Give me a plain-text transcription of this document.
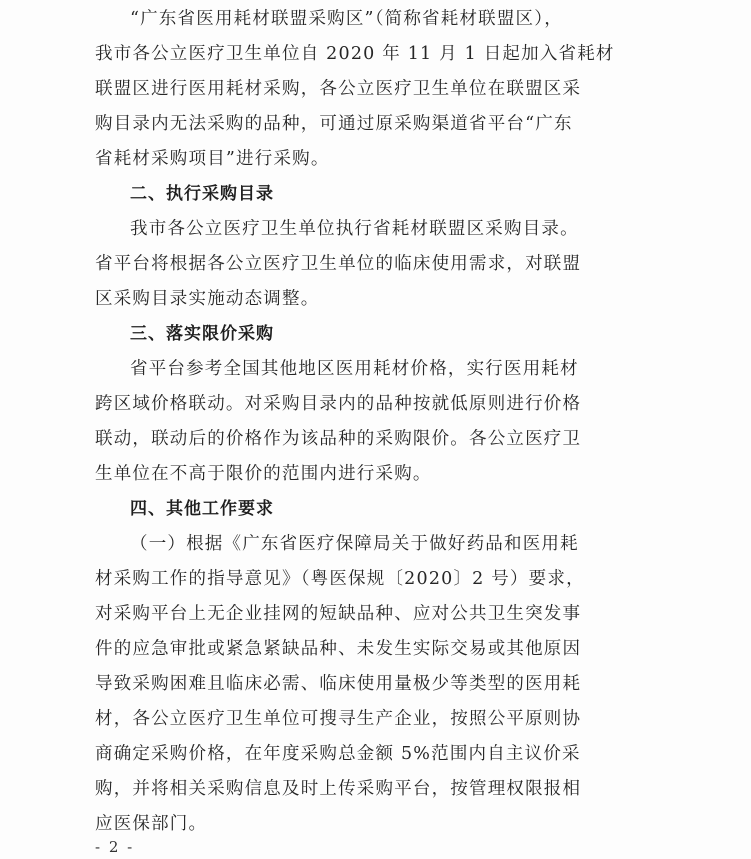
“广东省医用耗材联盟采购区”（简称省耗材联盟区），
我市各公立医疗卫生单位自 2020 年 11 月 1 日起加入省耗材
联盟区进行医用耗材采购，各公立医疗卫生单位在联盟区采
购目录内无法采购的品种，可通过原采购渠道省平台“广东
省耗材采购项目”进行采购。
二、执行采购目录
我市各公立医疗卫生单位执行省耗材联盟区采购目录。
省平台将根据各公立医疗卫生单位的临床使用需求，对联盟
区采购目录实施动态调整。
三、落实限价采购
省平台参考全国其他地区医用耗材价格，实行医用耗材
跨区域价格联动。对采购目录内的品种按就低原则进行价格
联动，联动后的价格作为该品种的采购限价。各公立医疗卫
生单位在不高于限价的范围内进行采购。
四、其他工作要求
（一）根据《广东省医疗保障局关于做好药品和医用耗
材采购工作的指导意见》（粤医保规〔2020〕2 号）要求，
对采购平台上无企业挂网的短缺品种、应对公共卫生突发事
件的应急审批或紧急紧缺品种、未发生实际交易或其他原因
导致采购困难且临床必需、临床使用量极少等类型的医用耗
材，各公立医疗卫生单位可搜寻生产企业，按照公平原则协
商确定采购价格，在年度采购总金额 5%范围内自主议价采
购，并将相关采购信息及时上传采购平台，按管理权限报相
应医保部门。
- 2 -
